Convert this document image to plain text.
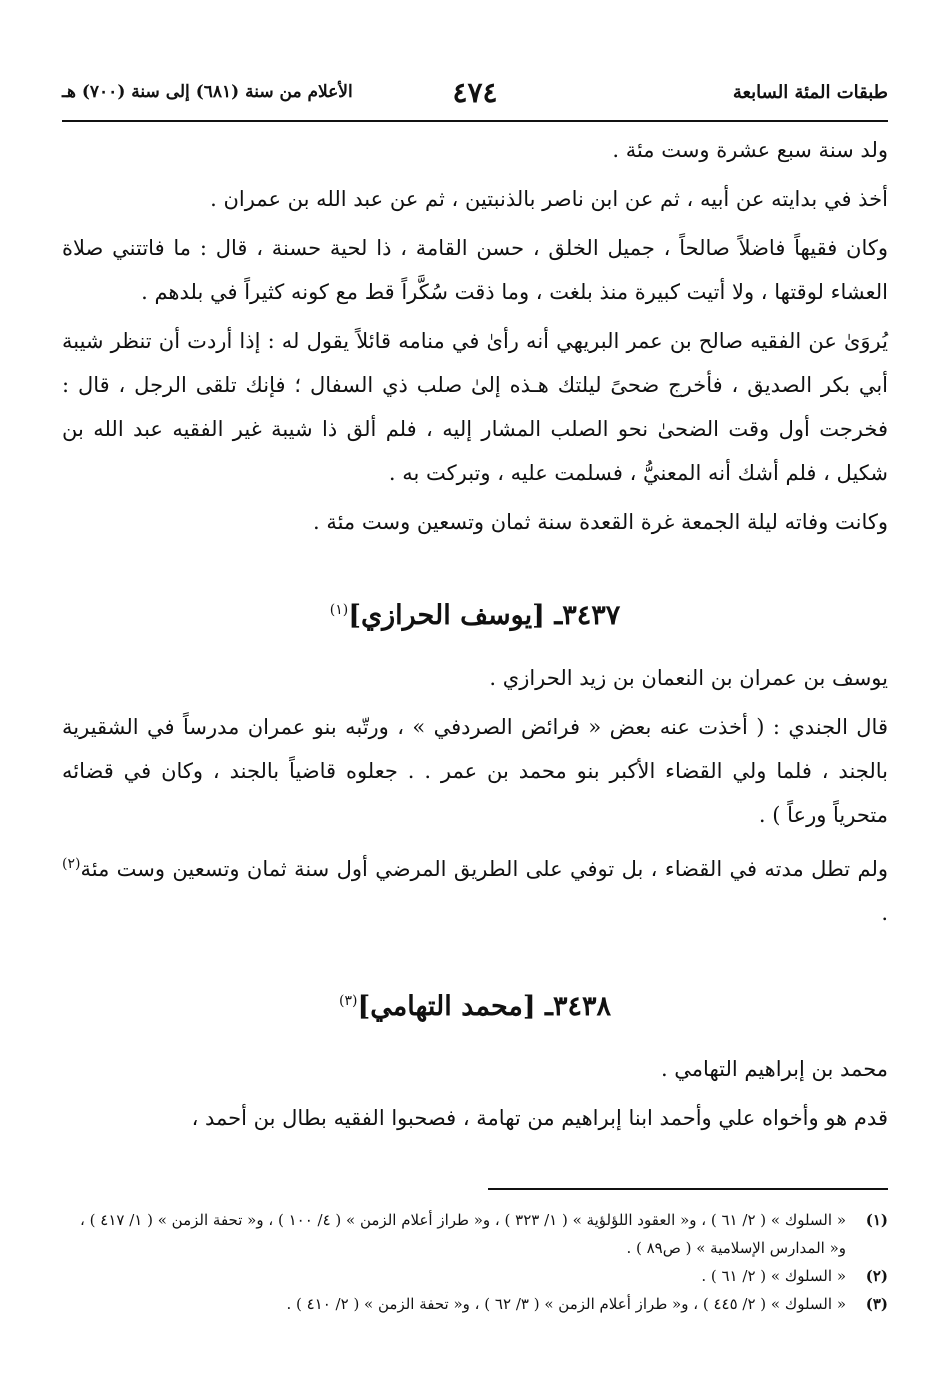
طبقات المئة السابعة
٤٧٤
الأعلام من سنة (٦٨١) إلى سنة (٧٠٠) هـ

ولد سنة سبع عشرة وست مئة .

أخذ في بدايته عن أبيه ، ثم عن ابن ناصر بالذنبتين ، ثم عن عبد الله بن عمران .

وكان فقيهاً فاضلاً صالحاً ، جميل الخلق ، حسن القامة ، ذا لحية حسنة ، قال : ما فاتتني صلاة العشاء لوقتها ، ولا أتيت كبيرة منذ بلغت ، وما ذقت سُكَّراً قط مع كونه كثيراً في بلدهم .

يُروَىٰ عن الفقيه صالح بن عمر البريهي أنه رأىٰ في منامه قائلاً يقول له : إذا أردت أن تنظر شيبة أبي بكر الصديق ، فأخرج ضحىً ليلتك هـذه إلىٰ صلب ذي السفال ؛ فإنك تلقى الرجل ، قال : فخرجت أول وقت الضحىٰ نحو الصلب المشار إليه ، فلم ألق ذا شيبة غير الفقيه عبد الله بن شكيل ، فلم أشك أنه المعنيُّ ، فسلمت عليه ، وتبركت به .

وكانت وفاته ليلة الجمعة غرة القعدة سنة ثمان وتسعين وست مئة .

٣٤٣٧ـ [يوسف الحرازي]$^{(١)}$

يوسف بن عمران بن النعمان بن زيد الحرازي .

قال الجندي : ( أخذت عنه بعض « فرائض الصردفي » ، ورتّبه بنو عمران مدرساً في الشقيرية بالجند ، فلما ولي القضاء الأكبر بنو محمد بن عمر . . جعلوه قاضياً بالجند ، وكان في قضائه متحرياً ورعاً ) .

ولم تطل مدته في القضاء ، بل توفي على الطريق المرضي أول سنة ثمان وتسعين وست مئة$^{(٢)}$ .

٣٤٣٨ـ [محمد التهامي]$^{(٣)}$

محمد بن إبراهيم التهامي .

قدم هو وأخواه علي وأحمد ابنا إبراهيم من تهامة ، فصحبوا الفقيه بطال بن أحمد ،

(١)
« السلوك » ( ٢/ ٦١ ) ، و« العقود اللؤلؤية » ( ١/ ٣٢٣ ) ، و« طراز أعلام الزمن » ( ٤/ ١٠٠ ) ، و« تحفة الزمن » ( ١/ ٤١٧ ) ، و« المدارس الإسلامية » ( ص٨٩ ) .
(٢)
« السلوك » ( ٢/ ٦١ ) .
(٣)
« السلوك » ( ٢/ ٤٤٥ ) ، و« طراز أعلام الزمن » ( ٣/ ٦٢ ) ، و« تحفة الزمن » ( ٢/ ٤١٠ ) .
